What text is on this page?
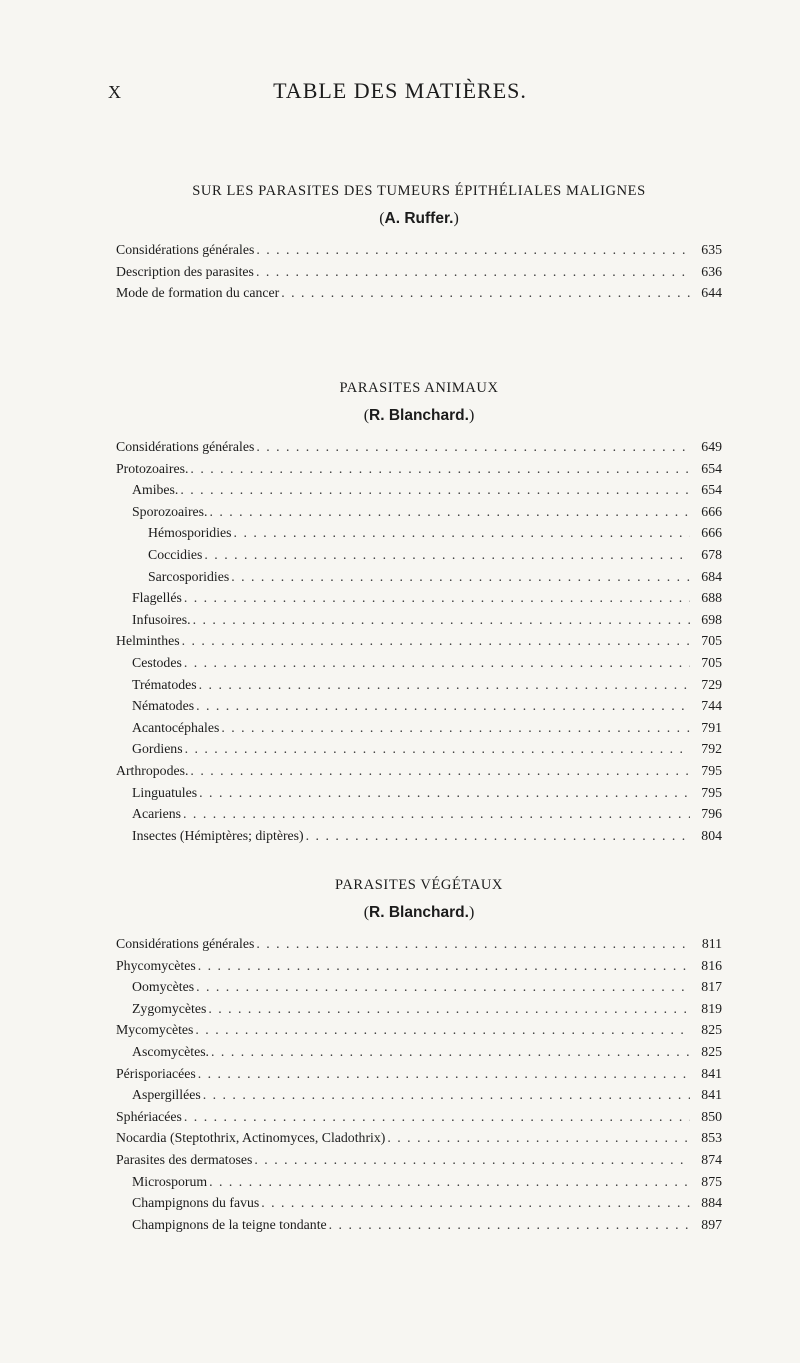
X	TABLE DES MATIÈRES.
SUR LES PARASITES DES TUMEURS ÉPITHÉLIALES MALIGNES
(A. Ruffer.)
Considérations générales . . .	635
Description des parasites . . .	636
Mode de formation du cancer . . .	644
PARASITES ANIMAUX
(R. Blanchard.)
Considérations générales . . .	649
Protozoaires. . . .	654
Amibes. . . .	654
Sporozoaires. . . .	666
Hémosporidies . . .	666
Coccidies . . .	678
Sarcosporidies . . .	684
Flagellés . . .	688
Infusoires. . . .	698
Helminthes . . .	705
Cestodes . . .	705
Trématodes . . .	729
Nématodes . . .	744
Acantocéphales . . .	791
Gordiens . . .	792
Arthropodes. . . .	795
Linguatules . . .	795
Acariens . . .	796
Insectes (Hémiptères; diptères) . . .	804
PARASITES VÉGÉTAUX
(R. Blanchard.)
Considérations générales . . .	811
Phycomycètes . . .	816
Oomycètes . . .	817
Zygomycètes . . .	819
Mycomycètes . . .	825
Ascomycètes. . . .	825
Périsporiacées . . .	841
Aspergillées . . .	841
Sphériacées . . .	850
Nocardia (Steptothrix, Actinomyces, Cladothrix) . . .	853
Parasites des dermatoses . . .	874
Microsporum . . .	875
Champignons du favus . . .	884
Champignons de la teigne tondante . . .	897
